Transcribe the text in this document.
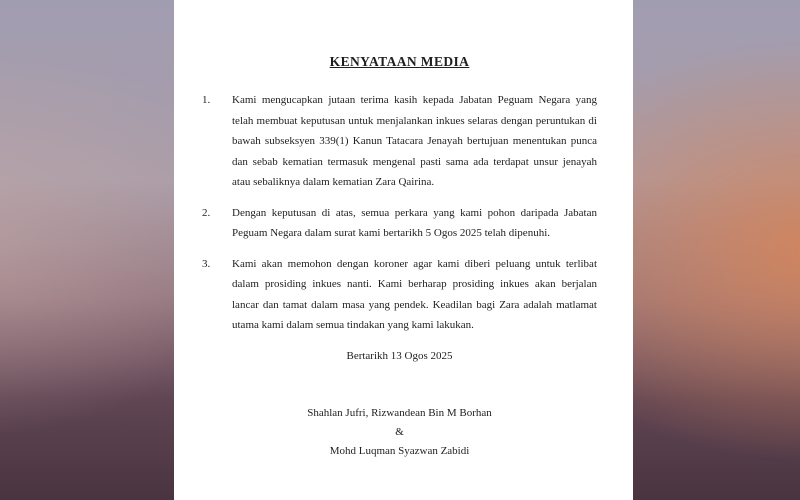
KENYATAAN MEDIA
1.	Kami mengucapkan jutaan terima kasih kepada Jabatan Peguam Negara yang telah membuat keputusan untuk menjalankan inkues selaras dengan peruntukan di bawah subseksyen 339(1) Kanun Tatacara Jenayah bertujuan menentukan punca dan sebab kematian termasuk mengenal pasti sama ada terdapat unsur jenayah atau sebaliknya dalam kematian Zara Qairina.

2.	Dengan keputusan di atas, semua perkara yang kami pohon daripada Jabatan Peguam Negara dalam surat kami bertarikh 5 Ogos 2025 telah dipenuhi.

3.	Kami akan memohon dengan koroner agar kami diberi peluang untuk terlibat dalam prosiding inkues nanti. Kami berharap prosiding inkues akan berjalan lancar dan tamat dalam masa yang pendek. Keadilan bagi Zara adalah matlamat utama kami dalam semua tindakan yang kami lakukan.

Bertarikh 13 Ogos 2025

Shahlan Jufri, Rizwandean Bin M Borhan

&

Mohd Luqman Syazwan Zabidi
